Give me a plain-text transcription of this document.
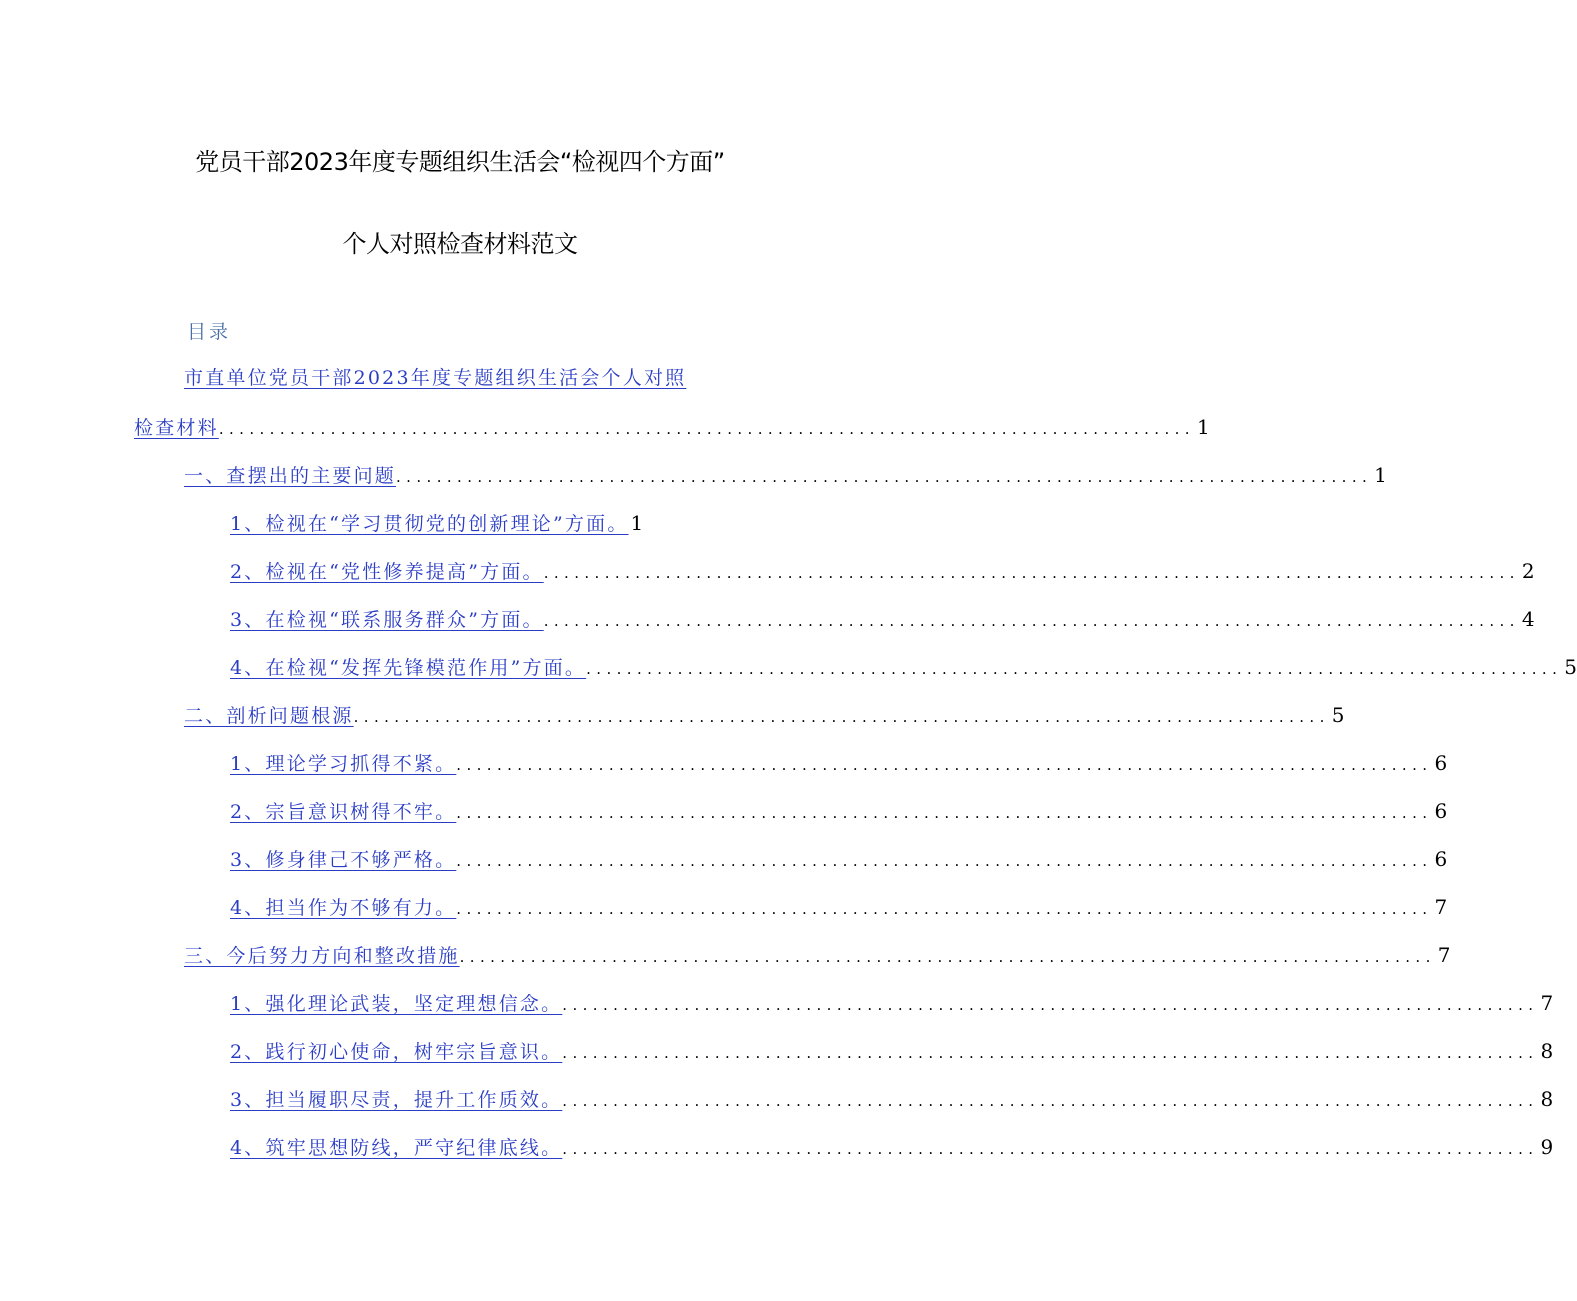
党员干部2023年度专题组织生活会“检视四个方面”
个人对照检查材料范文
目录
市直单位党员干部2023年度专题组织生活会个人对照
检查材料 ................................................................................................ 1
一、查摆出的主要问题 ................................................................................................ 1
1、检视在“学习贯彻党的创新理论”方面。 1
2、检视在“党性修养提高”方面。 ................................................................................................ 2
3、在检视“联系服务群众”方面。 ................................................................................................ 4
4、在检视“发挥先锋模范作用”方面。 ................................................................................................ 5
二、剖析问题根源 ................................................................................................ 5
1、理论学习抓得不紧。 ................................................................................................ 6
2、宗旨意识树得不牢。 ................................................................................................ 6
3、修身律己不够严格。 ................................................................................................ 6
4、担当作为不够有力。 ................................................................................................ 7
三、今后努力方向和整改措施 ................................................................................................ 7
1、强化理论武装，坚定理想信念。 ................................................................................................ 7
2、践行初心使命，树牢宗旨意识。 ................................................................................................ 8
3、担当履职尽责，提升工作质效。 ................................................................................................ 8
4、筑牢思想防线，严守纪律底线。 ................................................................................................ 9
